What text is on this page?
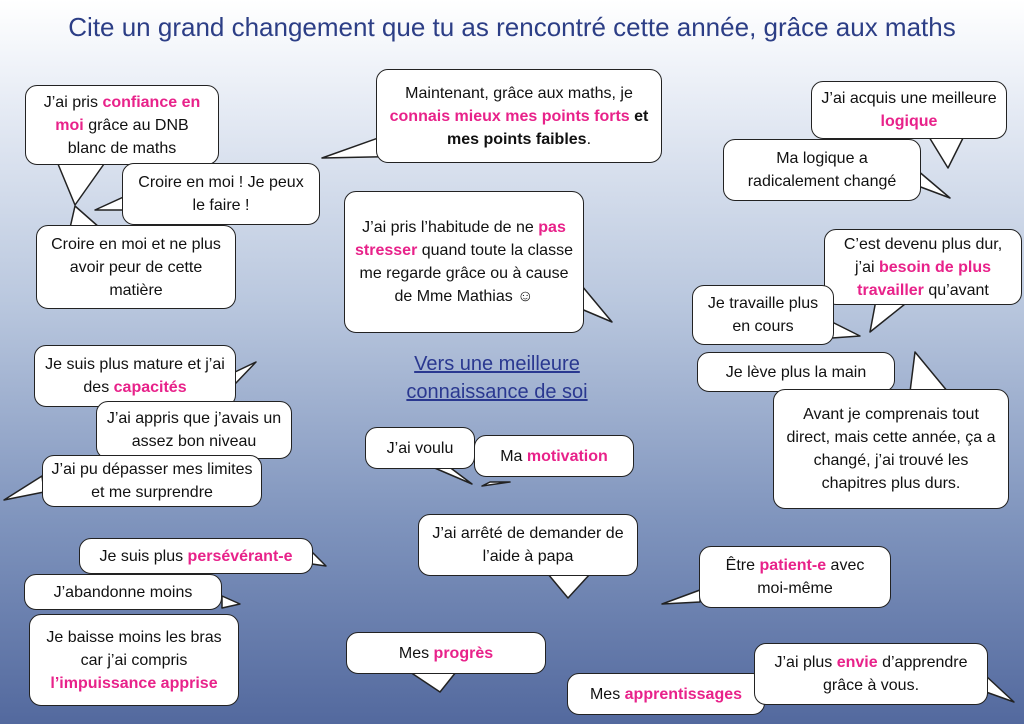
Cite un grand changement que tu as rencontré cette année, grâce aux maths

J’ai pris confiance en moi grâce au DNB blanc de maths

Croire en moi ! Je peux le faire !

Croire en moi et ne plus avoir peur de cette matière

Maintenant, grâce aux maths, je connais mieux mes points forts et mes points faibles.

J’ai pris l’habitude de ne pas stresser quand toute la classe me regarde grâce ou à cause de Mme Mathias ☺

J’ai acquis une meilleure logique

Ma logique a radicalement changé

C’est devenu plus dur, j’ai besoin de plus travailler qu’avant

Je travaille plus en cours

Je lève plus la main

Avant je comprenais tout direct, mais cette année, ça a changé, j’ai trouvé les chapitres plus durs.

Vers une meilleure connaissance de soi

J’ai voulu	Ma motivation

J’ai arrêté de demander de l’aide à papa

Je suis plus mature et j’ai des capacités

J’ai appris que j’avais un assez bon niveau

J’ai pu dépasser mes limites et me surprendre

Je suis plus persévérant-e

J’abandonne moins

Je baisse moins les bras car j’ai compris l’impuissance apprise

Mes progrès

Être patient-e avec moi-même

Mes apprentissages

J’ai plus envie d’apprendre grâce à vous.
